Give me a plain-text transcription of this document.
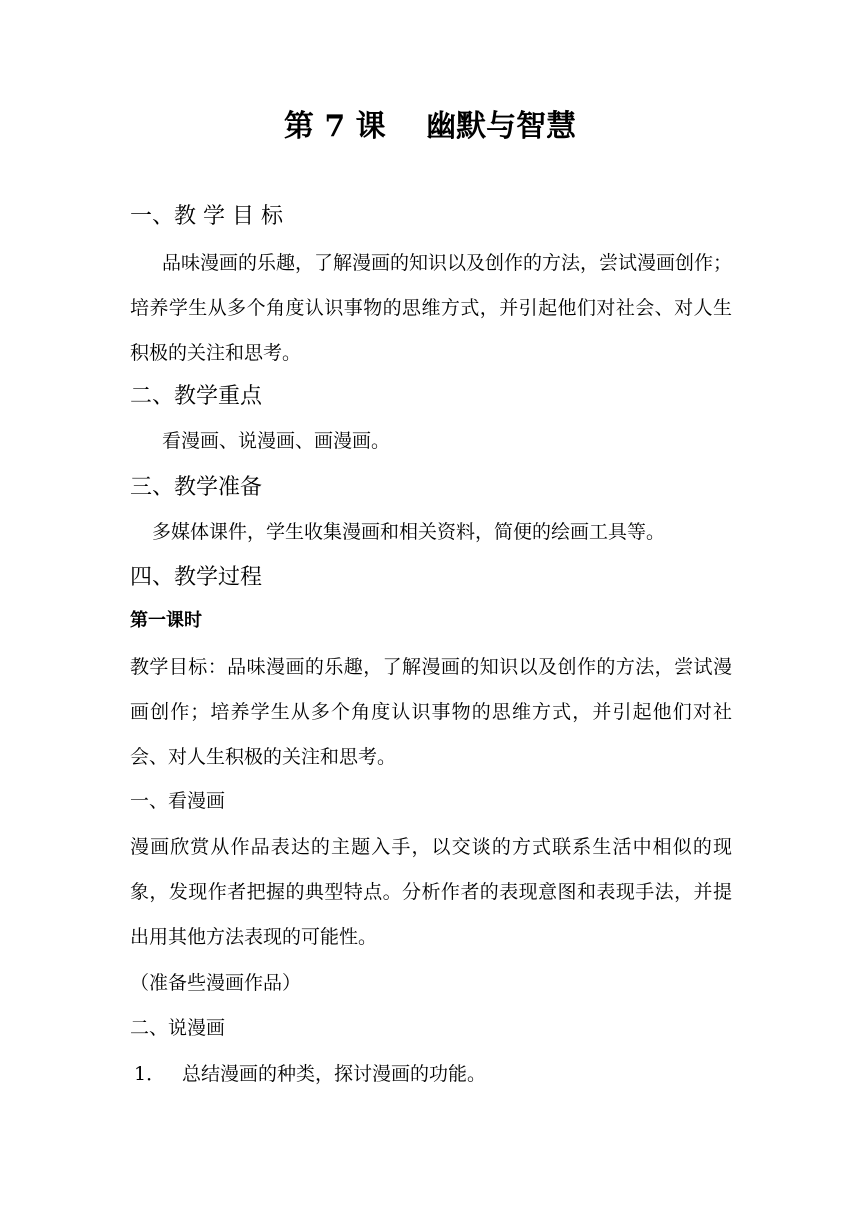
第 7 课　 幽默与智慧
一、教 学 目 标
品味漫画的乐趣，了解漫画的知识以及创作的方法，尝试漫画创作；培养学生从多个角度认识事物的思维方式，并引起他们对社会、对人生积极的关注和思考。
二、教学重点
看漫画、说漫画、画漫画。
三、教学准备
多媒体课件，学生收集漫画和相关资料，简便的绘画工具等。
四、教学过程
第一课时
教学目标：品味漫画的乐趣，了解漫画的知识以及创作的方法，尝试漫画创作；培养学生从多个角度认识事物的思维方式，并引起他们对社会、对人生积极的关注和思考。
一、看漫画
漫画欣赏从作品表达的主题入手，以交谈的方式联系生活中相似的现象，发现作者把握的典型特点。分析作者的表现意图和表现手法，并提出用其他方法表现的可能性。
（准备些漫画作品）
二、说漫画
1． 总结漫画的种类，探讨漫画的功能。
